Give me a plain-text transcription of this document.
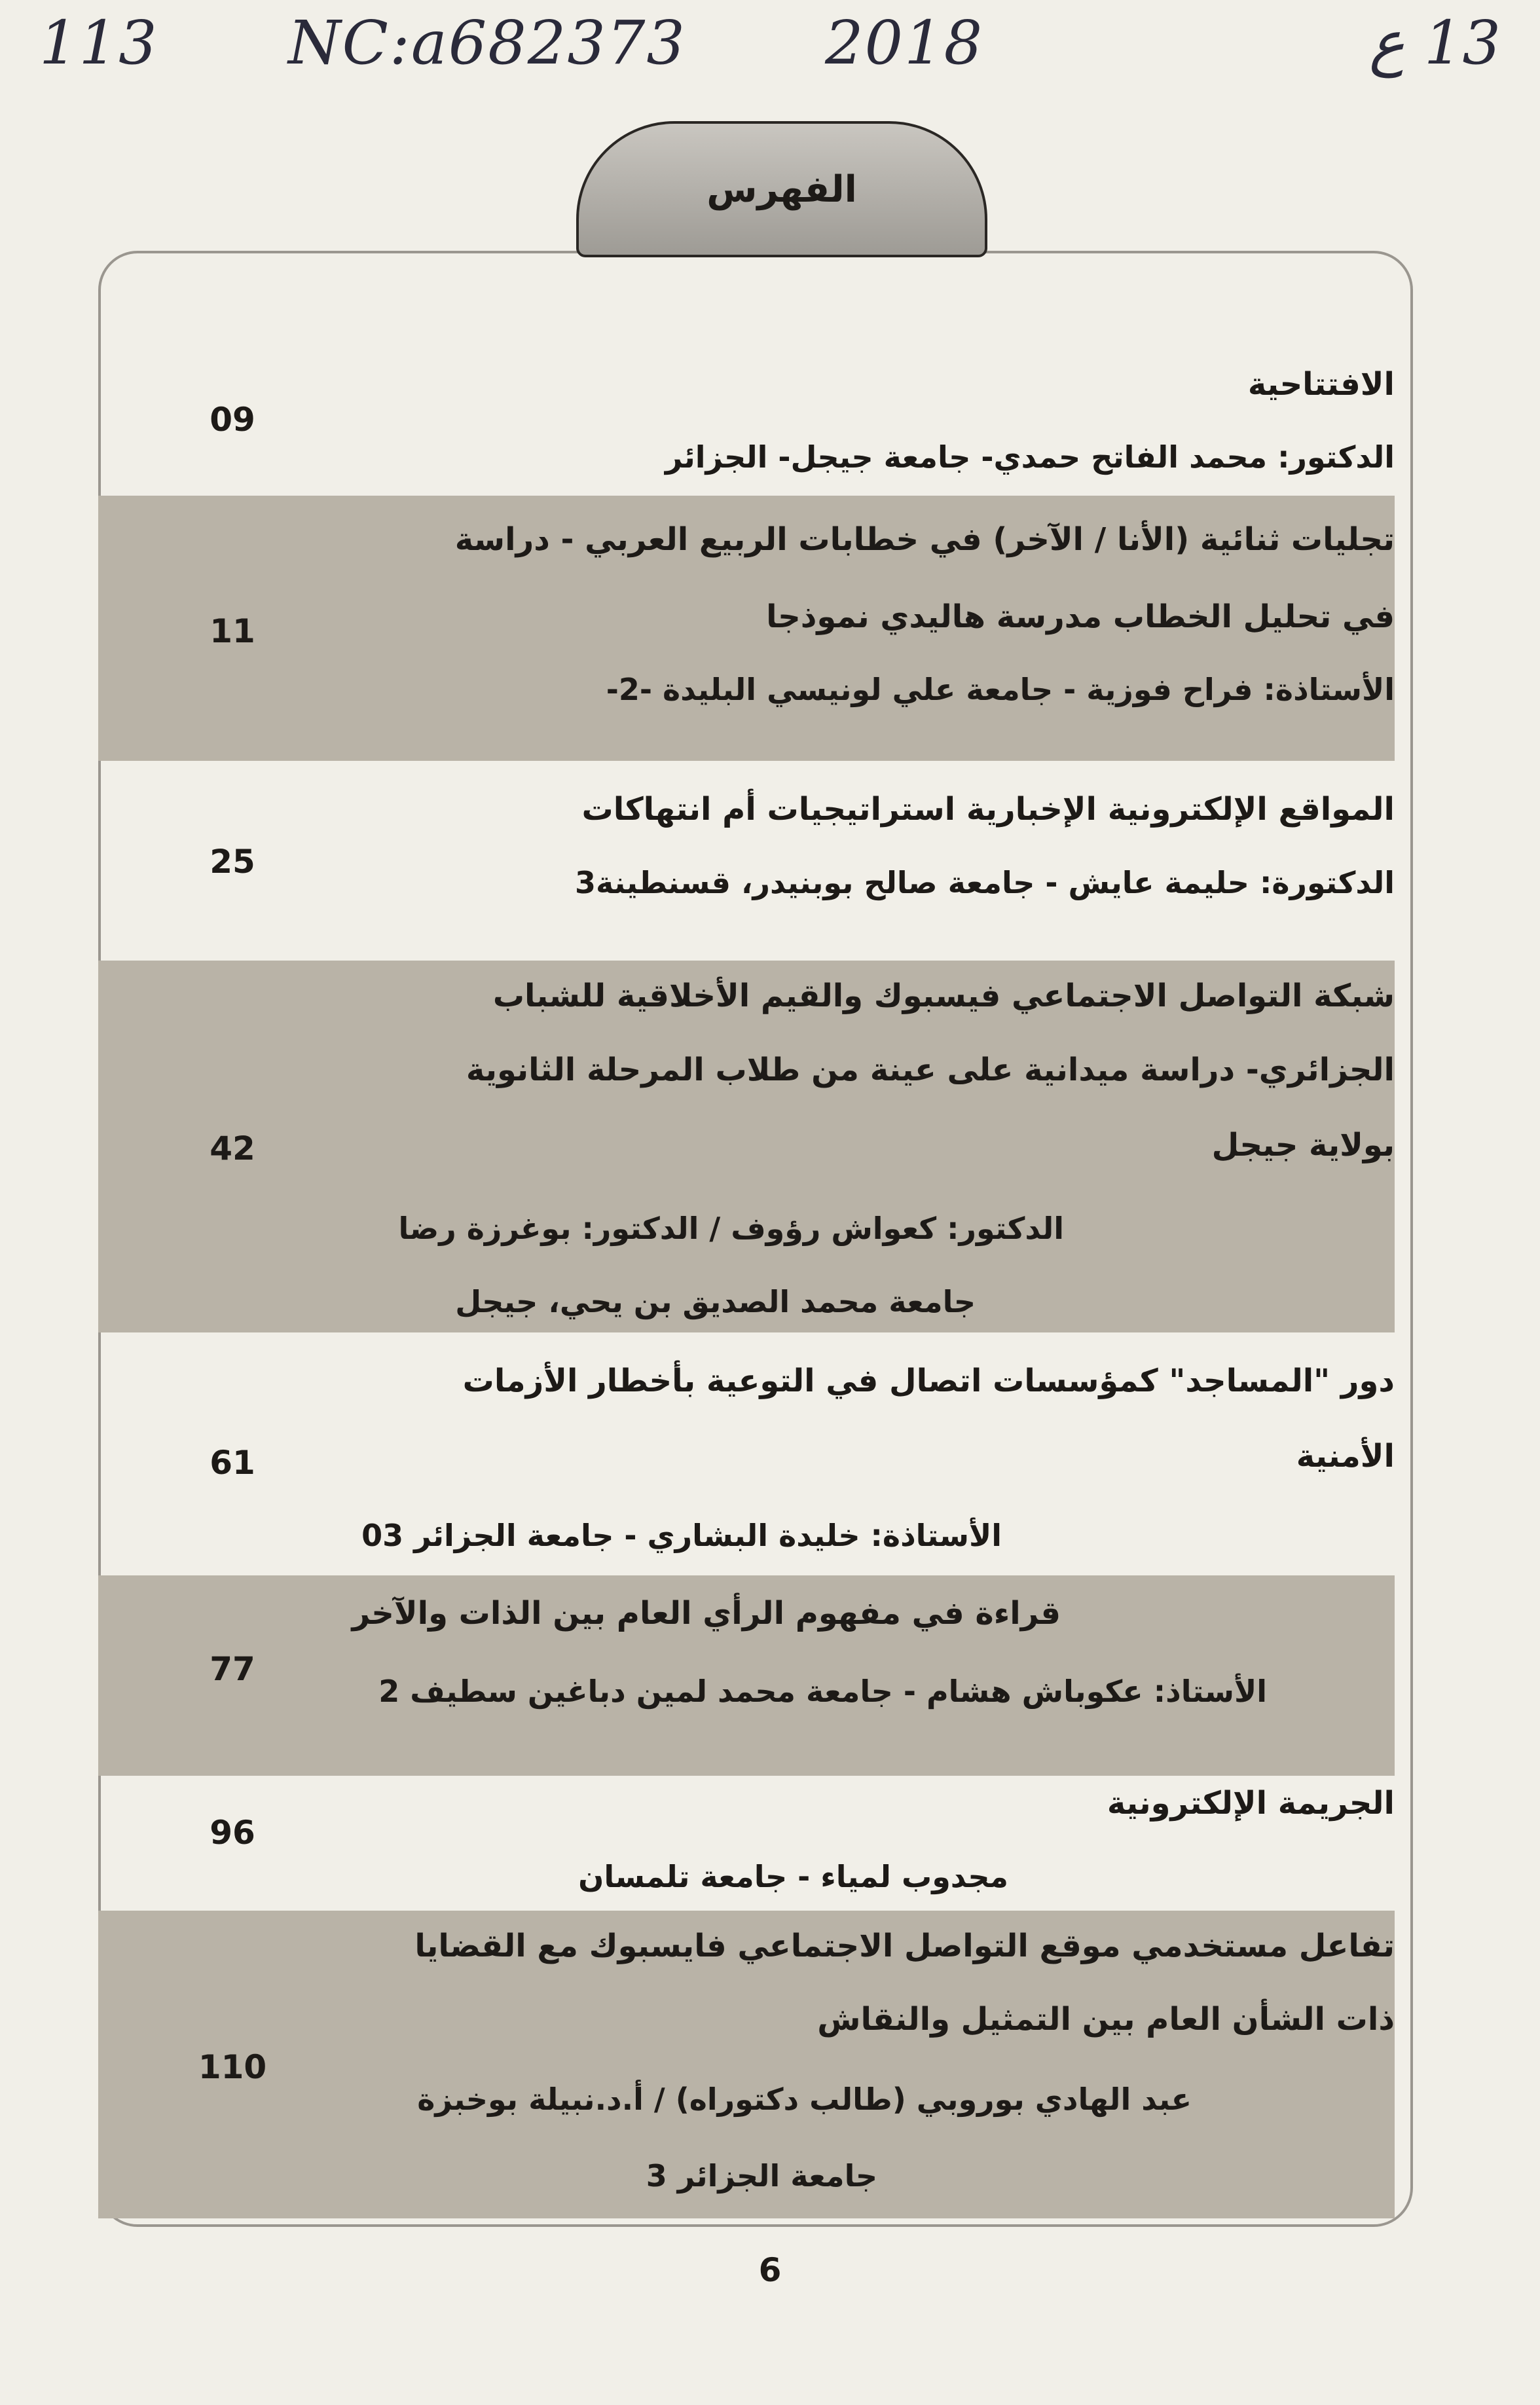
113 NC:a682373 2018	13 ع
الفهرس
الافتتاحية
الدكتور: محمد الفاتح حمدي- جامعة جيجل- الجزائر
09
تجليات ثنائية (الأنا / الآخر) في خطابات الربيع العربي - دراسة
في تحليل الخطاب مدرسة هاليدي نموذجا
الأستاذة: فراح فوزية - جامعة علي لونيسي البليدة -2-
11
المواقع الإلكترونية الإخبارية استراتيجيات أم انتهاكات
الدكتورة: حليمة عايش - جامعة صالح بوبنيدر، قسنطينة3
25
شبكة التواصل الاجتماعي فيسبوك والقيم الأخلاقية للشباب
الجزائري- دراسة ميدانية على عينة من طلاب المرحلة الثانوية
بولاية جيجل
الدكتور: كعواش رؤوف / الدكتور: بوغرزة رضا
جامعة محمد الصديق بن يحي، جيجل
42
دور "المساجد" كمؤسسات اتصال في التوعية بأخطار الأزمات
الأمنية
الأستاذة: خليدة البشاري - جامعة الجزائر 03
61
قراءة في مفهوم الرأي العام بين الذات والآخر
الأستاذ: عكوباش هشام - جامعة محمد لمين دباغين سطيف 2
77
الجريمة الإلكترونية
مجدوب لمياء - جامعة تلمسان
96
تفاعل مستخدمي موقع التواصل الاجتماعي فايسبوك مع القضايا
ذات الشأن العام بين التمثيل والنقاش
عبد الهادي بوروبي (طالب دكتوراه) / أ.د.نبيلة بوخبزة
جامعة الجزائر 3
110
6
